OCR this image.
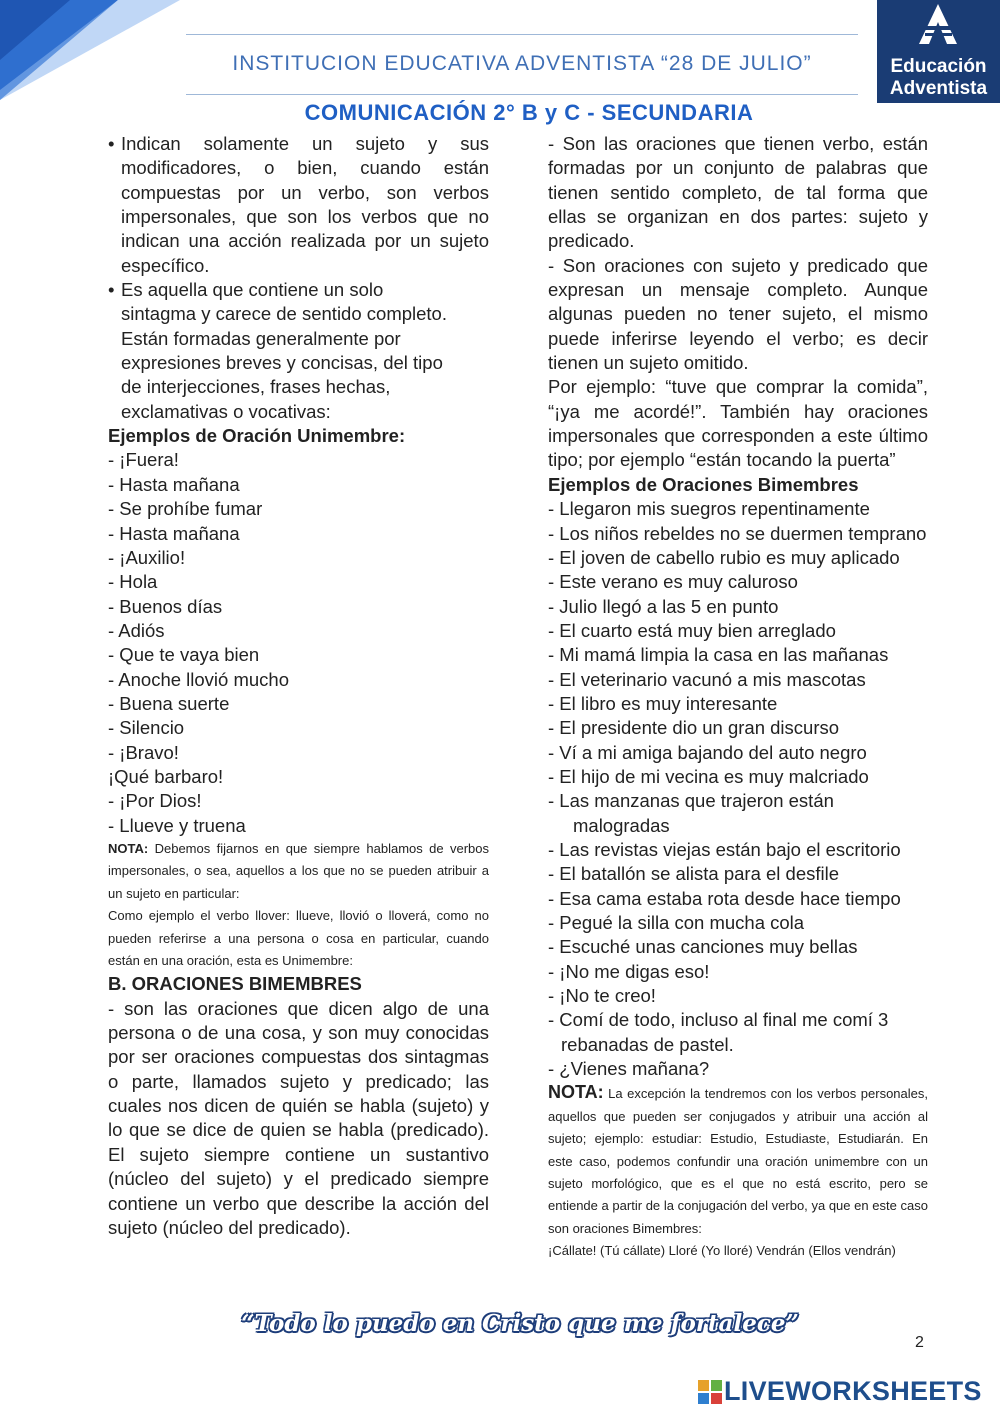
INSTITUCION EDUCATIVA ADVENTISTA “28 DE JULIO”	Educación
Adventista
COMUNICACIÓN 2° B y C - SECUNDARIA
• Indican solamente un sujeto y sus modificadores, o bien, cuando están compuestas por un verbo, son verbos impersonales, que son los verbos que no indican una acción realizada por un sujeto específico.
• Es aquella que contiene un solo
sintagma y carece de sentido completo.
Están formadas generalmente por
expresiones breves y concisas, del tipo
de interjecciones, frases hechas,
exclamativas o vocativas:
Ejemplos de Oración Unimembre:
- ¡Fuera!
- Hasta mañana
- Se prohíbe fumar
- Hasta mañana
- ¡Auxilio!
- Hola
- Buenos días
- Adiós
- Que te vaya bien
- Anoche llovió mucho
- Buena suerte
- Silencio
- ¡Bravo!
¡Qué barbaro!
- ¡Por Dios!
- Llueve y truena
NOTA: Debemos fijarnos en que siempre hablamos de verbos impersonales, o sea, aquellos a los que no se pueden atribuir a un sujeto en particular:
Como ejemplo el verbo llover: llueve, llovió o lloverá, como no pueden referirse a una persona o cosa en particular, cuando están en una oración, esta es Unimembre:
B. ORACIONES BIMEMBRES
- son las oraciones que dicen algo de una persona o de una cosa, y son muy conocidas por ser oraciones compuestas dos sintagmas o parte, llamados sujeto y predicado; las cuales nos dicen de quién se habla (sujeto) y lo que se dice de quien se habla (predicado). El sujeto siempre contiene un sustantivo (núcleo del sujeto) y el predicado siempre contiene un verbo que describe la acción del sujeto (núcleo del predicado).
- Son las oraciones que tienen verbo, están formadas por un conjunto de palabras que tienen sentido completo, de tal forma que ellas se organizan en dos partes: sujeto y predicado.
- Son oraciones con sujeto y predicado que expresan un mensaje completo. Aunque algunas pueden no tener sujeto, el mismo puede inferirse leyendo el verbo; es decir tienen un sujeto omitido.
Por ejemplo: “tuve que comprar la comida”, “¡ya me acordé!”. También hay oraciones impersonales que corresponden a este último tipo; por ejemplo “están tocando la puerta”
Ejemplos de Oraciones Bimembres
- Llegaron mis suegros repentinamente
- Los niños rebeldes no se duermen temprano
- El joven de cabello rubio es muy aplicado
- Este verano es muy caluroso
- Julio llegó a las 5 en punto
- El cuarto está muy bien arreglado
- Mi mamá limpia la casa en las mañanas
- El veterinario vacunó a mis mascotas
- El libro es muy interesante
- El presidente dio un gran discurso
- Ví a mi amiga bajando del auto negro
- El hijo de mi vecina es muy malcriado
- Las manzanas que trajeron están malogradas
- Las revistas viejas están bajo el escritorio
- El batallón se alista para el desfile
- Esa cama estaba rota desde hace tiempo
- Pegué la silla con mucha cola
- Escuché unas canciones muy bellas
- ¡No me digas eso!
- ¡No te creo!
- Comí de todo, incluso al final me comí 3 rebanadas de pastel.
- ¿Vienes mañana?
NOTA: La excepción la tendremos con los verbos personales, aquellos que pueden ser conjugados y atribuir una acción al sujeto; ejemplo: estudiar: Estudio, Estudiaste, Estudiarán. En este caso, podemos confundir una oración unimembre con un sujeto morfológico, que es el que no está escrito, pero se entiende a partir de la conjugación del verbo, ya que en este caso son oraciones Bimembres:
¡Cállate! (Tú cállate) Lloré (Yo lloré) Vendrán (Ellos vendrán)
“Todo lo puedo en Cristo que me fortalece”
2
LIVEWORKSHEETS
